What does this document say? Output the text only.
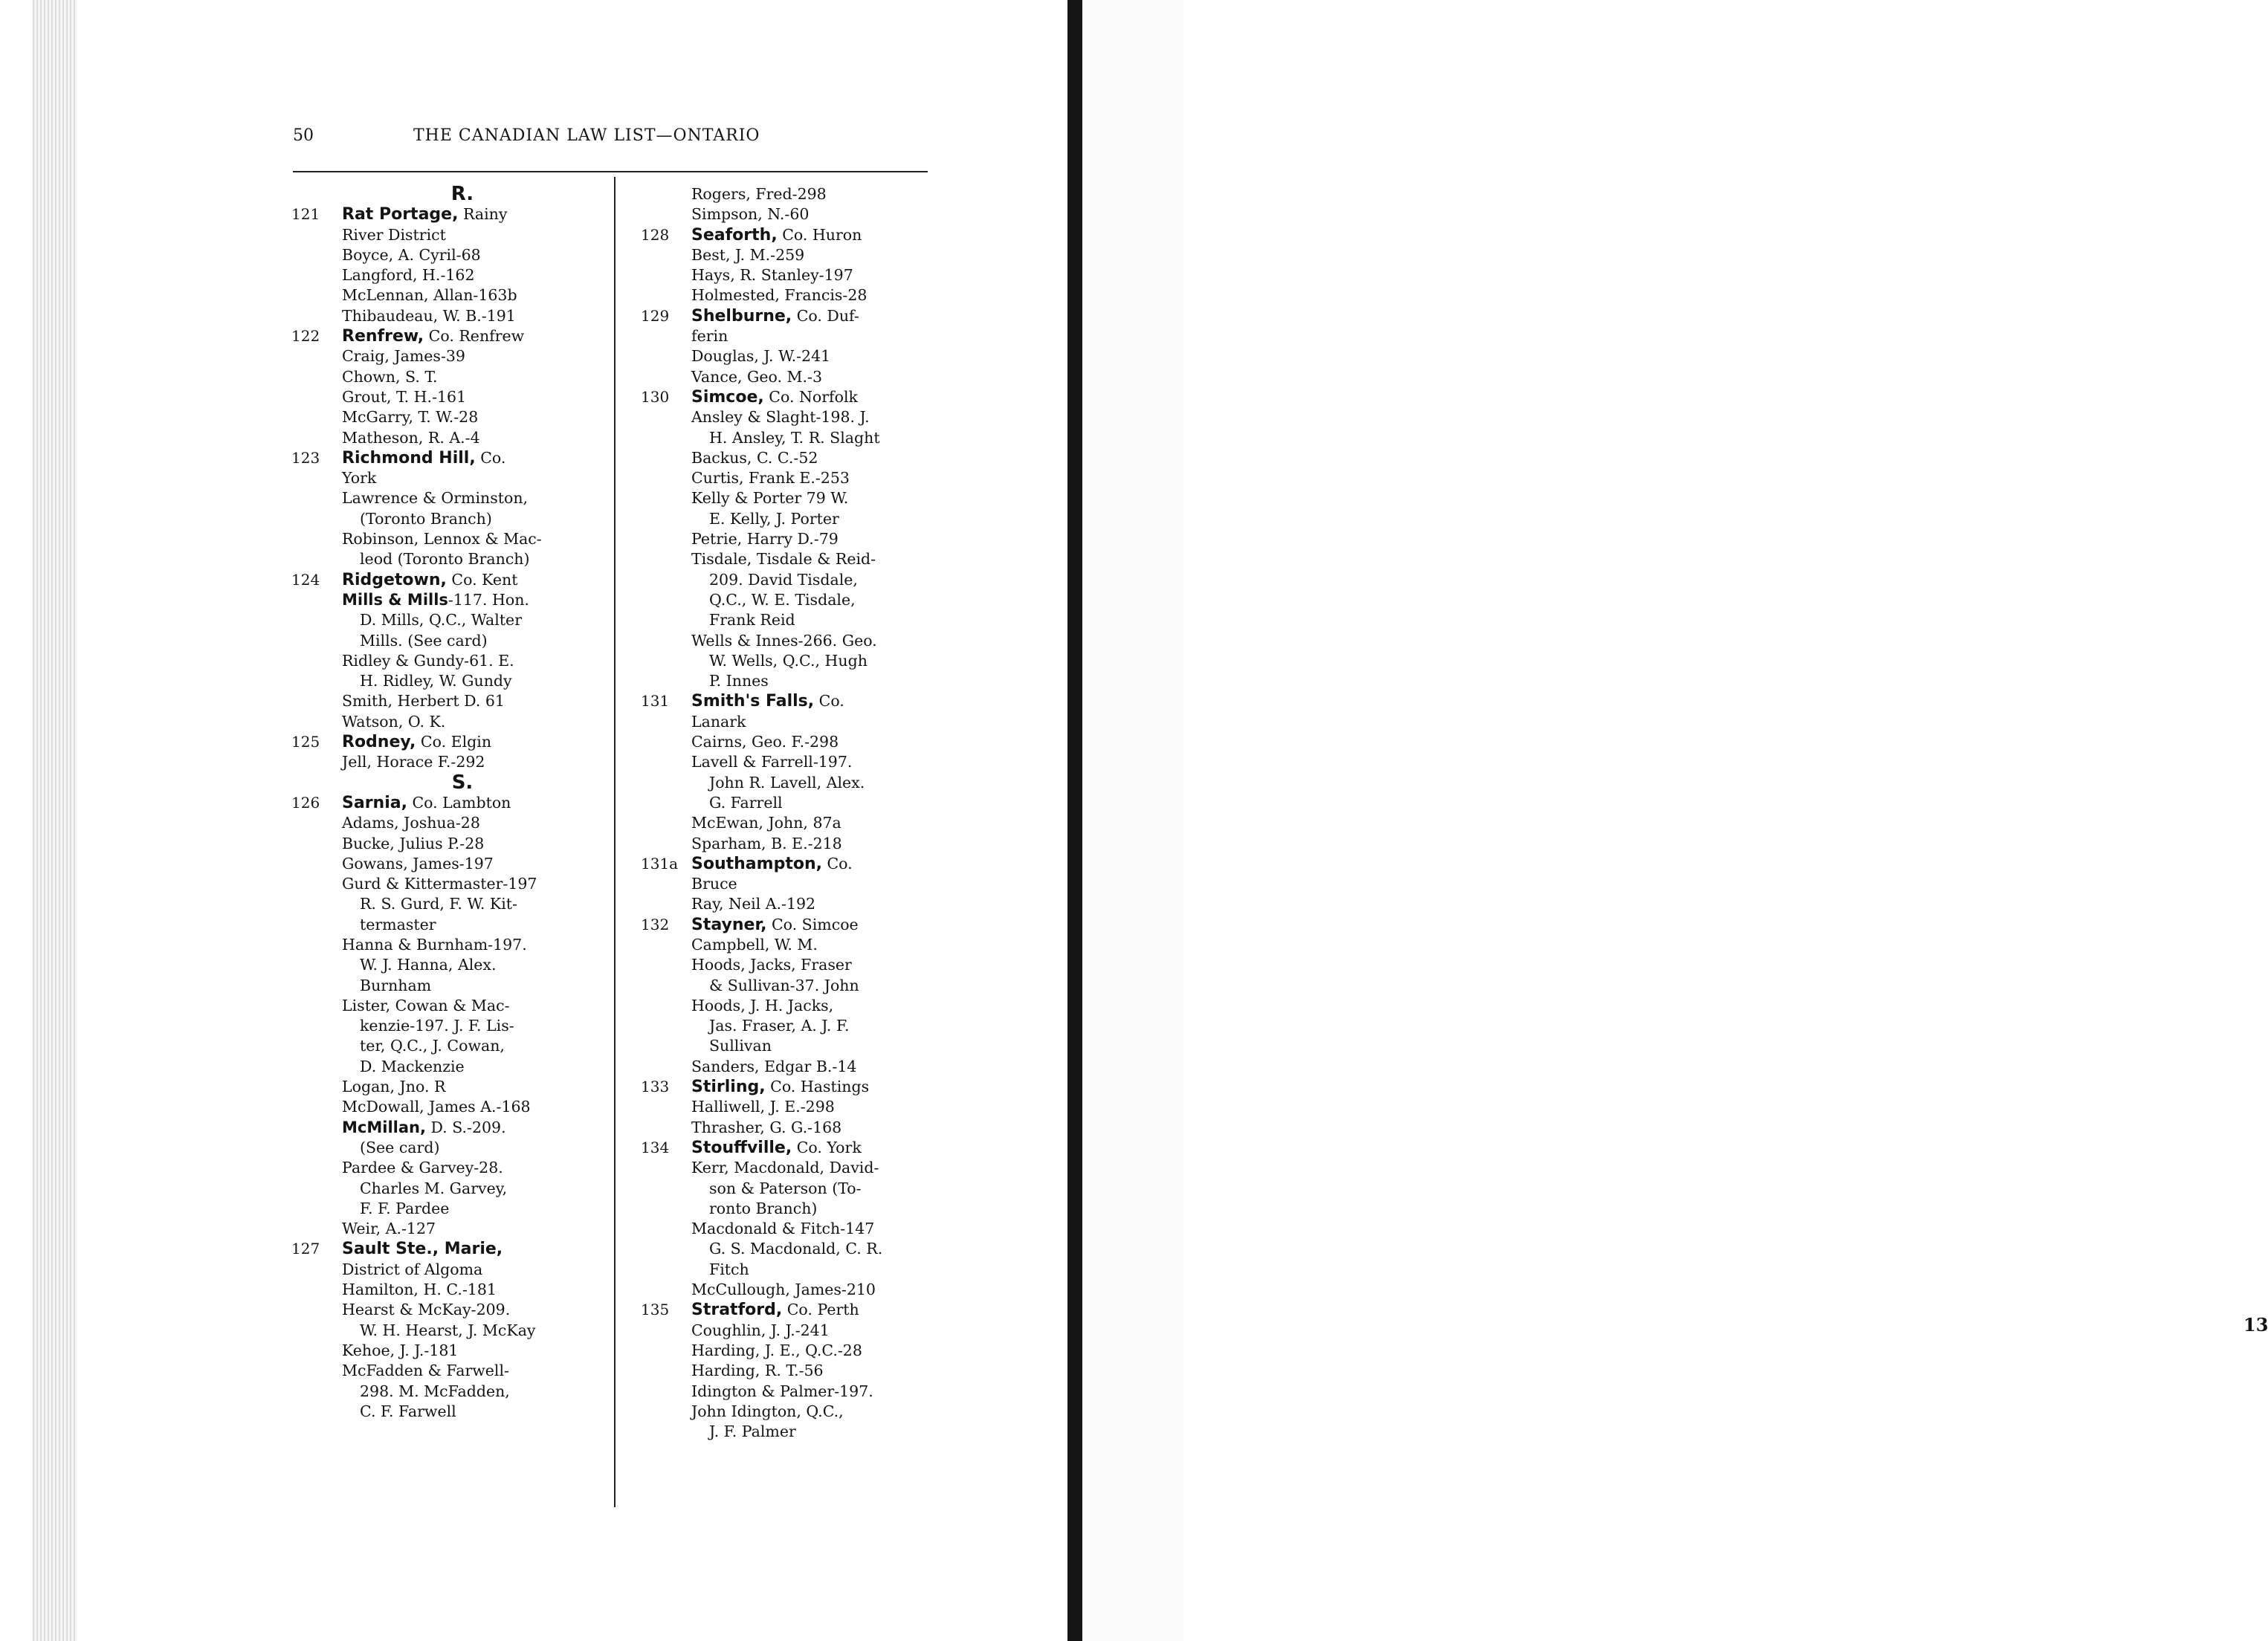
13
50	THE CANADIAN LAW LIST—ONTARIO
R.
121 Rat Portage, Rainy
River District
Boyce, A. Cyril-68
Langford, H.-162
McLennan, Allan-163b
Thibaudeau, W. B.-191
122 Renfrew, Co. Renfrew
Craig, James-39
Chown, S. T.
Grout, T. H.-161
McGarry, T. W.-28
Matheson, R. A.-4
123 Richmond Hill, Co.
York
Lawrence & Orminston,
(Toronto Branch)
Robinson, Lennox & Mac-
leod (Toronto Branch)
124 Ridgetown, Co. Kent
Mills & Mills-117. Hon.
D. Mills, Q.C., Walter
Mills. (See card)
Ridley & Gundy-61. E.
H. Ridley, W. Gundy
Smith, Herbert D. 61
Watson, O. K.
125 Rodney, Co. Elgin
Jell, Horace F.-292
S.
126 Sarnia, Co. Lambton
Adams, Joshua-28
Bucke, Julius P.-28
Gowans, James-197
Gurd & Kittermaster-197
R. S. Gurd, F. W. Kit-
termaster
Hanna & Burnham-197.
W. J. Hanna, Alex.
Burnham
Lister, Cowan & Mac-
kenzie-197. J. F. Lis-
ter, Q.C., J. Cowan,
D. Mackenzie
Logan, Jno. R
McDowall, James A.-168
McMillan, D. S.-209.
(See card)
Pardee & Garvey-28.
Charles M. Garvey,
F. F. Pardee
Weir, A.-127
127 Sault Ste., Marie,
District of Algoma
Hamilton, H. C.-181
Hearst & McKay-209.
W. H. Hearst, J. McKay
Kehoe, J. J.-181
McFadden & Farwell-
298. M. McFadden,
C. F. Farwell
Rogers, Fred-298
Simpson, N.-60
128 Seaforth, Co. Huron
Best, J. M.-259
Hays, R. Stanley-197
Holmested, Francis-28
129 Shelburne, Co. Duf-
ferin
Douglas, J. W.-241
Vance, Geo. M.-3
130 Simcoe, Co. Norfolk
Ansley & Slaght-198. J.
H. Ansley, T. R. Slaght
Backus, C. C.-52
Curtis, Frank E.-253
Kelly & Porter 79 W.
E. Kelly, J. Porter
Petrie, Harry D.-79
Tisdale, Tisdale & Reid-
209. David Tisdale,
Q.C., W. E. Tisdale,
Frank Reid
Wells & Innes-266. Geo.
W. Wells, Q.C., Hugh
P. Innes
131 Smith's Falls, Co.
Lanark
Cairns, Geo. F.-298
Lavell & Farrell-197.
John R. Lavell, Alex.
G. Farrell
McEwan, John, 87a
Sparham, B. E.-218
131a Southampton, Co.
Bruce
Ray, Neil A.-192
132 Stayner, Co. Simcoe
Campbell, W. M.
Hoods, Jacks, Fraser
& Sullivan-37. John
Hoods, J. H. Jacks,
Jas. Fraser, A. J. F.
Sullivan
Sanders, Edgar B.-14
133 Stirling, Co. Hastings
Halliwell, J. E.-298
Thrasher, G. G.-168
134 Stouffville, Co. York
Kerr, Macdonald, David-
son & Paterson (To-
ronto Branch)
Macdonald & Fitch-147
G. S. Macdonald, C. R.
Fitch
McCullough, James-210
135 Stratford, Co. Perth
Coughlin, J. J.-241
Harding, J. E., Q.C.-28
Harding, R. T.-56
Idington & Palmer-197.
John Idington, Q.C.,
J. F. Palmer
